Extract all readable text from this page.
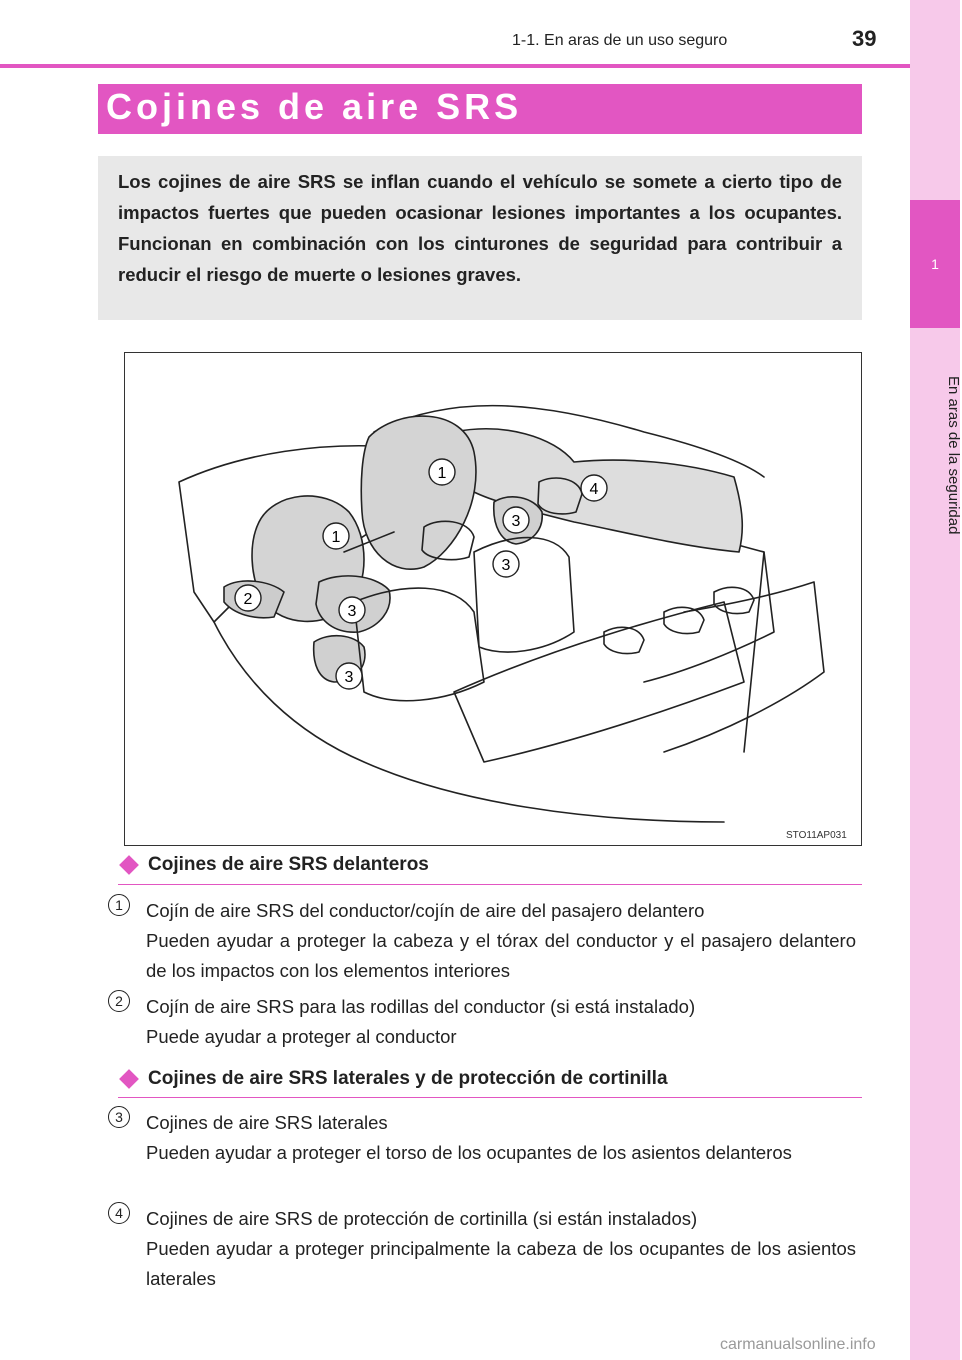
1-1. En aras de un uso seguro	39
1
En aras de la seguridad
Cojines de aire SRS
Los cojines de aire SRS se inflan cuando el vehículo se somete a cierto tipo de impactos fuertes que pueden ocasionar lesiones importantes a los ocupantes. Funcionan en combinación con los cinturones de seguridad para contribuir a reducir el riesgo de muerte o lesiones graves.
1
1
2
3
3
3
3
4
STO11AP031
Cojines de aire SRS delanteros
1	Cojín de aire SRS del conductor/cojín de aire del pasajero delantero
Pueden ayudar a proteger la cabeza y el tórax del conductor y el pasajero delantero de los impactos con los elementos interiores
2	Cojín de aire SRS para las rodillas del conductor (si está instalado)
Puede ayudar a proteger al conductor
Cojines de aire SRS laterales y de protección de cortinilla
3	Cojines de aire SRS laterales
Pueden ayudar a proteger el torso de los ocupantes de los asientos delanteros
4	Cojines de aire SRS de protección de cortinilla (si están instalados)
Pueden ayudar a proteger principalmente la cabeza de los ocupantes de los asientos laterales
carmanualsonline.info
